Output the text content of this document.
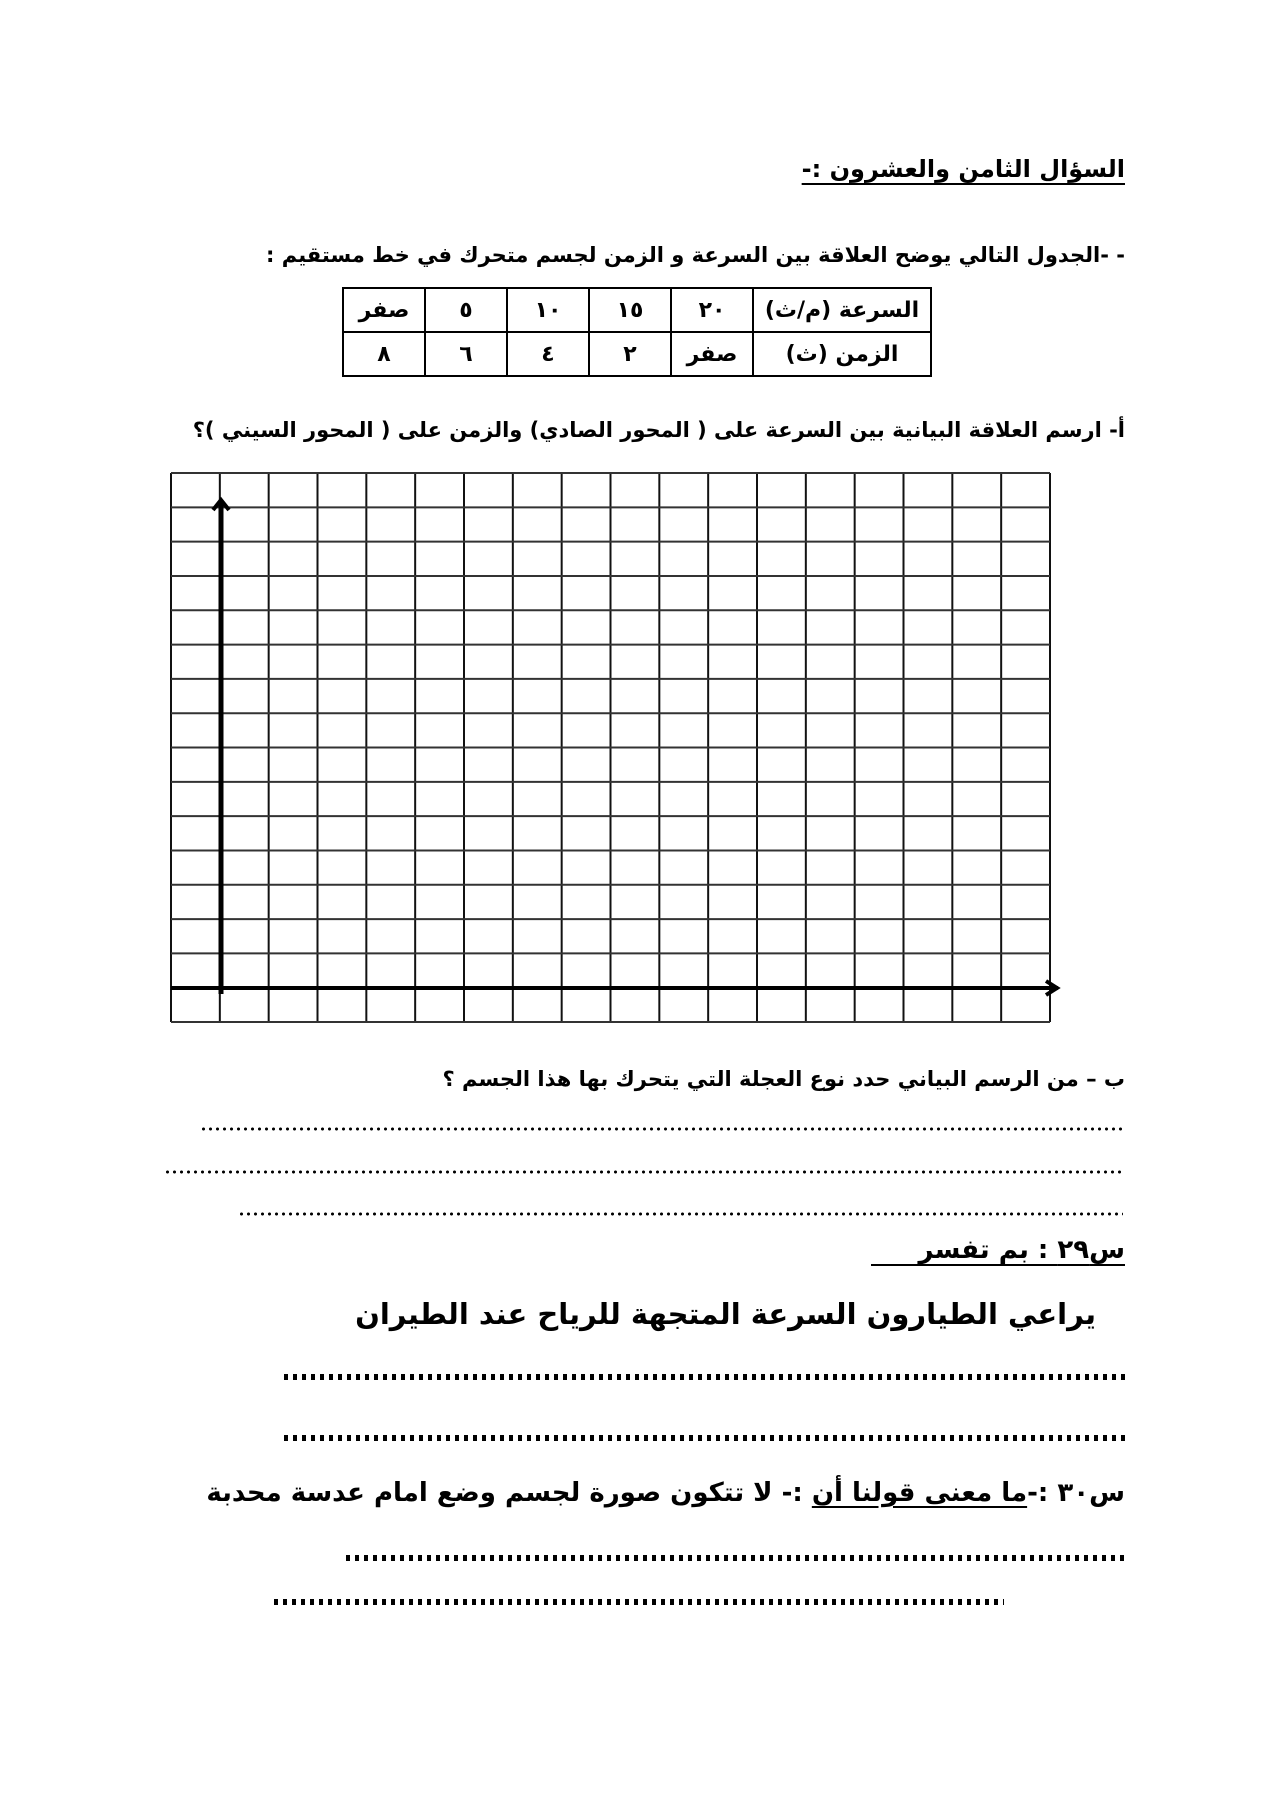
السؤال الثامن والعشرون :-
- -الجدول التالي يوضح العلاقة بين السرعة و الزمن لجسم متحرك في خط مستقيم :
السرعة (م/ث)	٢٠	١٥	١٠	٥	صفر
الزمن (ث)	صفر	٢	٤	٦	٨
أ- ارسم العلاقة البيانية بين السرعة على ( المحور الصادي) والزمن على ( المحور السيني )؟
ب – من الرسم البياني حدد نوع العجلة التي يتحرك بها هذا الجسم ؟
س٢٩ : بم تفسر
يراعي الطيارون السرعة المتجهة للرياح عند الطيران
س٣٠ :-ما معنى قولنا أن :- لا تتكون صورة لجسم وضع امام عدسة محدبة
